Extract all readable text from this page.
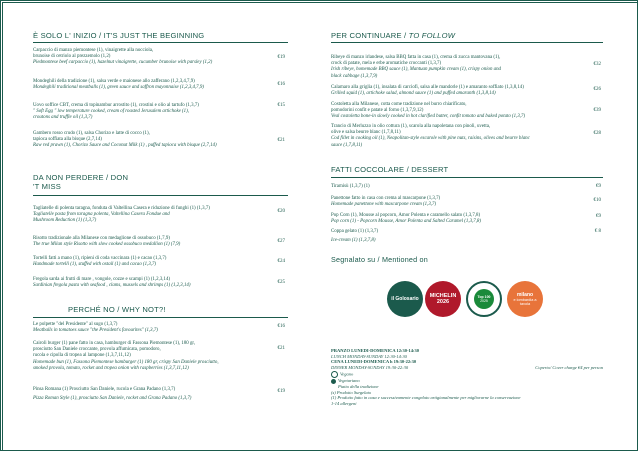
È SOLO L' INIZIO / IT'S JUST THE BEGINNING
Carpaccio di manzo piemontese (1), vinaigrette alla nocciola,
brunoise di cetriolo al prezzemolo (1,2)
Piedmontese beef carpaccio (1), hazelnut vinaigrette, cucumber brunoise with parsley (1,2)
€19
Mondeghili della tradizione (1), salsa verde e maionese allo zafferano (1,2,3,4,7,9)
Mondeghili traditional meatballs (1), green sauce and saffron mayonnaise (1,2,3,4,7,9)
€16
Uovo soffice CBT, crema di topinambur arrostito (1), crostini e olio al tartufo (1,3,7)
" Soft Egg " low temperature cooked, cream of roasted Jerusalem artichoke (1),
croutons and truffle oil (1,3,7)
€15
Gambero rosso crudo (1), salsa Chorizo e latte di cocco (1),
tapioca soffiata alla bisque (2,7,14)
Raw red prawn (1), Chorizo Sauce and Coconut Milk (1) , puffed tapioca with bisque (2,7,14)
€21
DA NON PERDERE / DON
'T MISS
Tagliatelle di polenta taragna, fonduta di Valtellina Casera e riduzione di funghi (1) (1,3,7)
Tagliatelle pasta from taragna polenta, Valtellina Casera Fondue and
Mushroom Reduction (1) (1,3,7)
€20
Risotto tradizionale alla Milanese con medaglione di ossobuco (1,7,9)
The true Milan style Risotto with slow cooked ossobuco medallion (1) (7,9)
€27
Tortelli fatti a mano (1), ripieni di coda vaccinara (1) e cacao (1,3,7)
Handmade tortelli (1), stuffed with oxtail (1) and cacao (1,3,7)
€24
Fregola sarda ai frutti di mare , vongole, cozze e scampi (1) (1,2,3,14)
Sardinian fregola pasta with seafood , clams, mussels and shrimps (1) (1,2,3,14)
€25
PERCHÉ NO / WHY NOT?!
Le polpette "del Presidente" al sugo (1,3,7)
Meatballs in tomatoes sauce "the President's favourites" (1,3,7)
€16
Cairoli burger (1) pane fatto in casa, hamburger di Fassona Piemontese (1), 180 gr,
prosciutto San Daniele croccante, provola affumicata, pomodoro,
rucola e cipolla di tropea al lampone (1,3,7,11,12)
Homemade bun (1), Fassona Piemontese hamburger (1) 180 gr, crispy San Daniele prosciutto,
smoked provola, tomato, rocket and tropea onion with raspberries (1,3,7,11,12)
€21
Pinsa Romana (1) Prosciutto San Daniele, rucola e Grana Padano (1,3,7)
Pizza Roman Style (1), prosciutto San Daniele, rocket and Grana Padano (1,3,7)
€19
PER CONTINUARE / TO FOLLOW
Ribeye di manzo irlandese, salsa BBQ fatta in casa (1), crema di zucca mantovana (1),
crock di patate, mela e erbe aromatiche croccanti (1,3,7)
Irish ribeye, homemade BBQ sauce (1), Mantuan pumpkin cream (1), crispy onion and
black cabbage (1,3,7,9)
€32
Calamaro alla griglia (1), insalata di carciofi, salsa alle mandorle (1) e amaranto soffiato (1,3,8,14)
Grilled squid (1), artichoke salad, almond sauce (1) and puffed amaranth (1,3,8,14)
€26
Costoletta alla Milanese, cotta come tradizione nel burro chiarificato,
pomodorini confit e patate al forno (1,3,7,9,12)
Veal costoletta bone-in slowly cooked in hot clarified butter, confit tomato and baked potato (1,3,7)
€39
Trancio di Merluzzo in olio cottura (1), scarola alla napoletana con pinoli, uvetta,
olive e salsa beurre blanc (1,7,8,11)
Cod fillet in cooking oil (1), Neapolitan-style escarole with pine nuts, raisins, olives and beurre blanc
sauce (1,7,8,11)
€28
FATTI COCCOLARE / DESSERT
Tiramisù (1,3,7) (1)	€9
Panettone fatto in casa con crema al mascarpone (1,3,7)
Homemade panettone with mascarpone cream (1,3,7)
€10
Pop Corn (1), Mousse al popcorn, Amor Polenta e caramello salato (1,3,7,8)
Pop corn (1) - Popcorn Mousse, Amor Polenta and Salted Caramel (1,3,7,8)
€9
Coppa gelato (1) (1,3,7)
Ice-cream (1) (1,3,7,8)
€ 8
Segnalato su / Mentioned on
il Golosario MICHELIN
2026
Top 100
2025
milano
e lombardia a tavola
PRANZO LUNEDI-DOMENICA 12:30-14:30
LUNCH MONDAY-SUNDAY 12:30-14:30
CENA LUNEDI-DOMENICA h 19:30-22:30
DINNER MONDAY-SUNDAY 19:30-22:30	Coperto/ Cover charge €4 per person
Vegano
Vegetariano
Piatto della tradizione
(s) Prodotto Surgelato
(1) Prodotto fatto in casa e successivamente congelato artigianalmente per migliorarne la conservazione
1-14 allergeni
